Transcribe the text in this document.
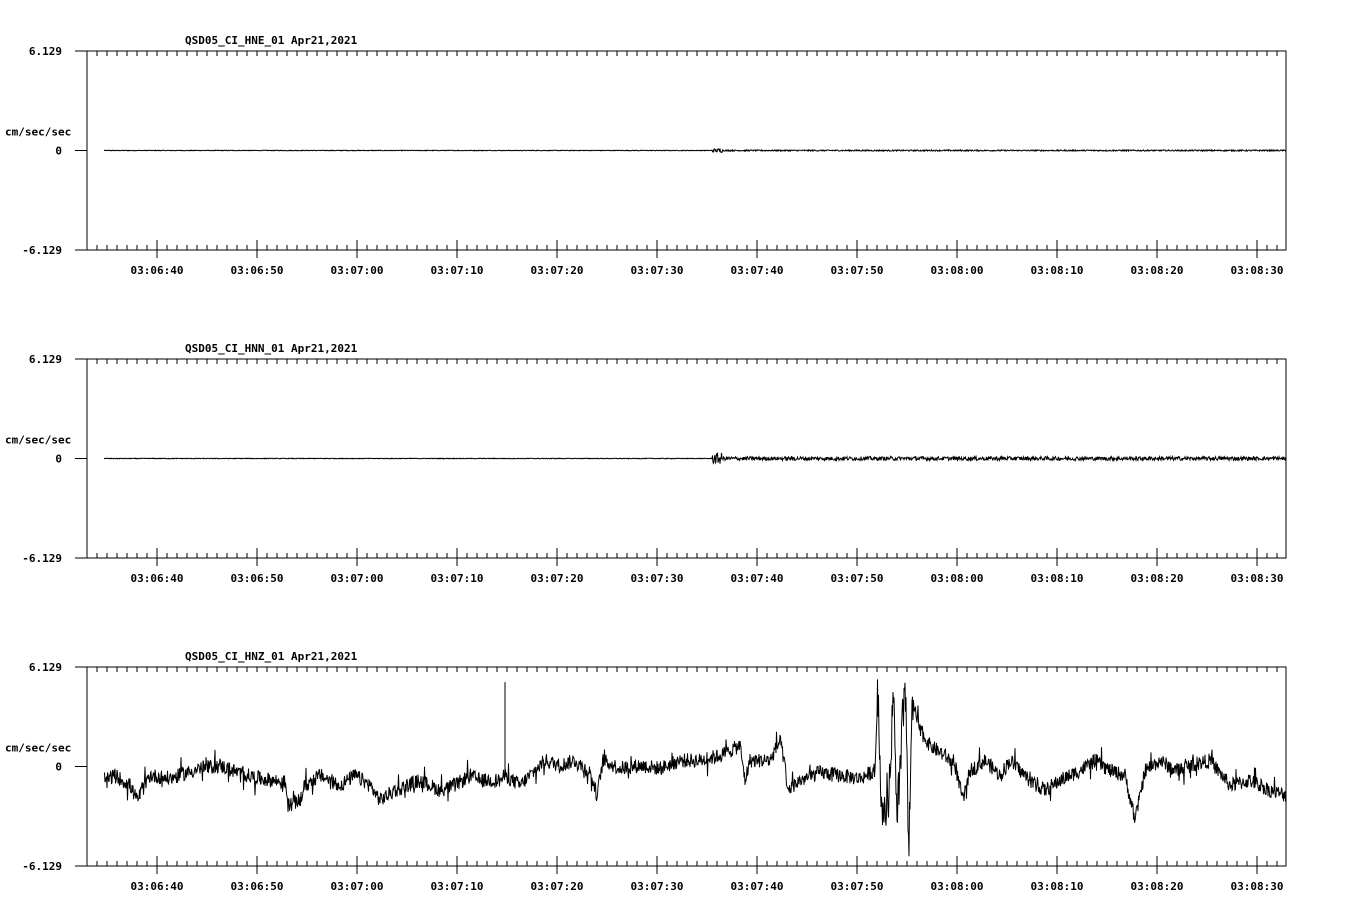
QSD05_CI_HNE_01 Apr21,2021
6.129
0
-6.129
cm/sec/sec
03:06:40	03:06:50	03:07:00	03:07:10	03:07:20	03:07:30	03:07:40	03:07:50	03:08:00	03:08:10	03:08:20	03:08:30
QSD05_CI_HNN_01 Apr21,2021
6.129
0
-6.129
cm/sec/sec
03:06:40	03:06:50	03:07:00	03:07:10	03:07:20	03:07:30	03:07:40	03:07:50	03:08:00	03:08:10	03:08:20	03:08:30
QSD05_CI_HNZ_01 Apr21,2021
6.129
0
-6.129
cm/sec/sec
03:06:40	03:06:50	03:07:00	03:07:10	03:07:20	03:07:30	03:07:40	03:07:50	03:08:00	03:08:10	03:08:20	03:08:30
